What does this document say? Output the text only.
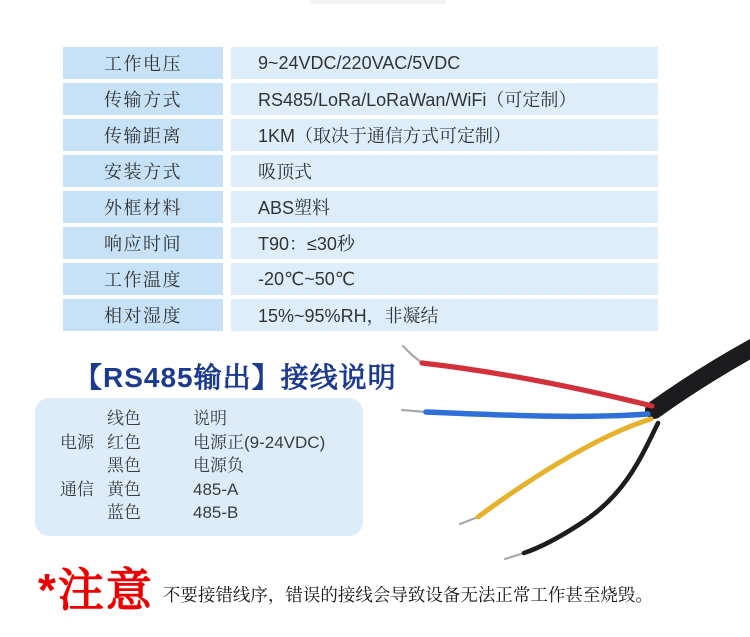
工作电压	9~24VDC/220VAC/5VDC
传输方式	RS485/LoRa/LoRaWan/WiFi（可定制）
传输距离	1KM（取决于通信方式可定制）
安装方式	吸顶式
外框材料	ABS塑料
响应时间	T90：≤30秒
工作温度	-20℃~50℃
相对湿度	15%~95%RH，非凝结
【RS485输出】接线说明
线色	说明
电源 红色	电源正(9-24VDC)
黑色	电源负
通信 黄色	485-A
蓝色	485-B
*注意 不要接错线序，错误的接线会导致设备无法正常工作甚至烧毁。
